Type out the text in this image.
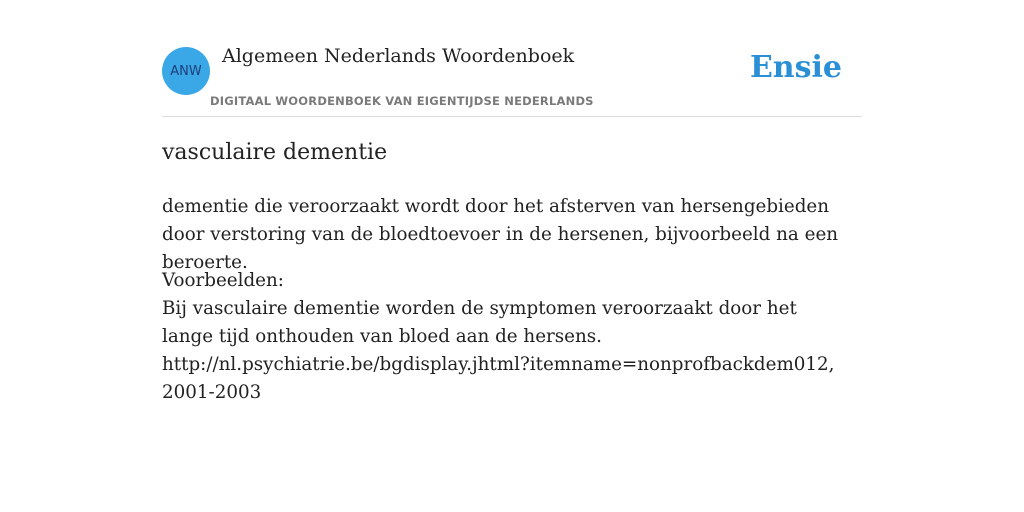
ANW
Algemeen Nederlands Woordenboek
DIGITAAL WOORDENBOEK VAN EIGENTIJDSE NEDERLANDS
Ensie
vasculaire dementie
dementie die veroorzaakt wordt door het afsterven van hersengebieden door verstoring van de bloedtoevoer in de hersenen, bijvoorbeeld na een beroerte.
Voorbeelden:
Bij vasculaire dementie worden de symptomen veroorzaakt door het lange tijd onthouden van bloed aan de hersens.
http://nl.psychiatrie.be/bgdisplay.jhtml?itemname=nonprofbackdem012, 2001-2003
